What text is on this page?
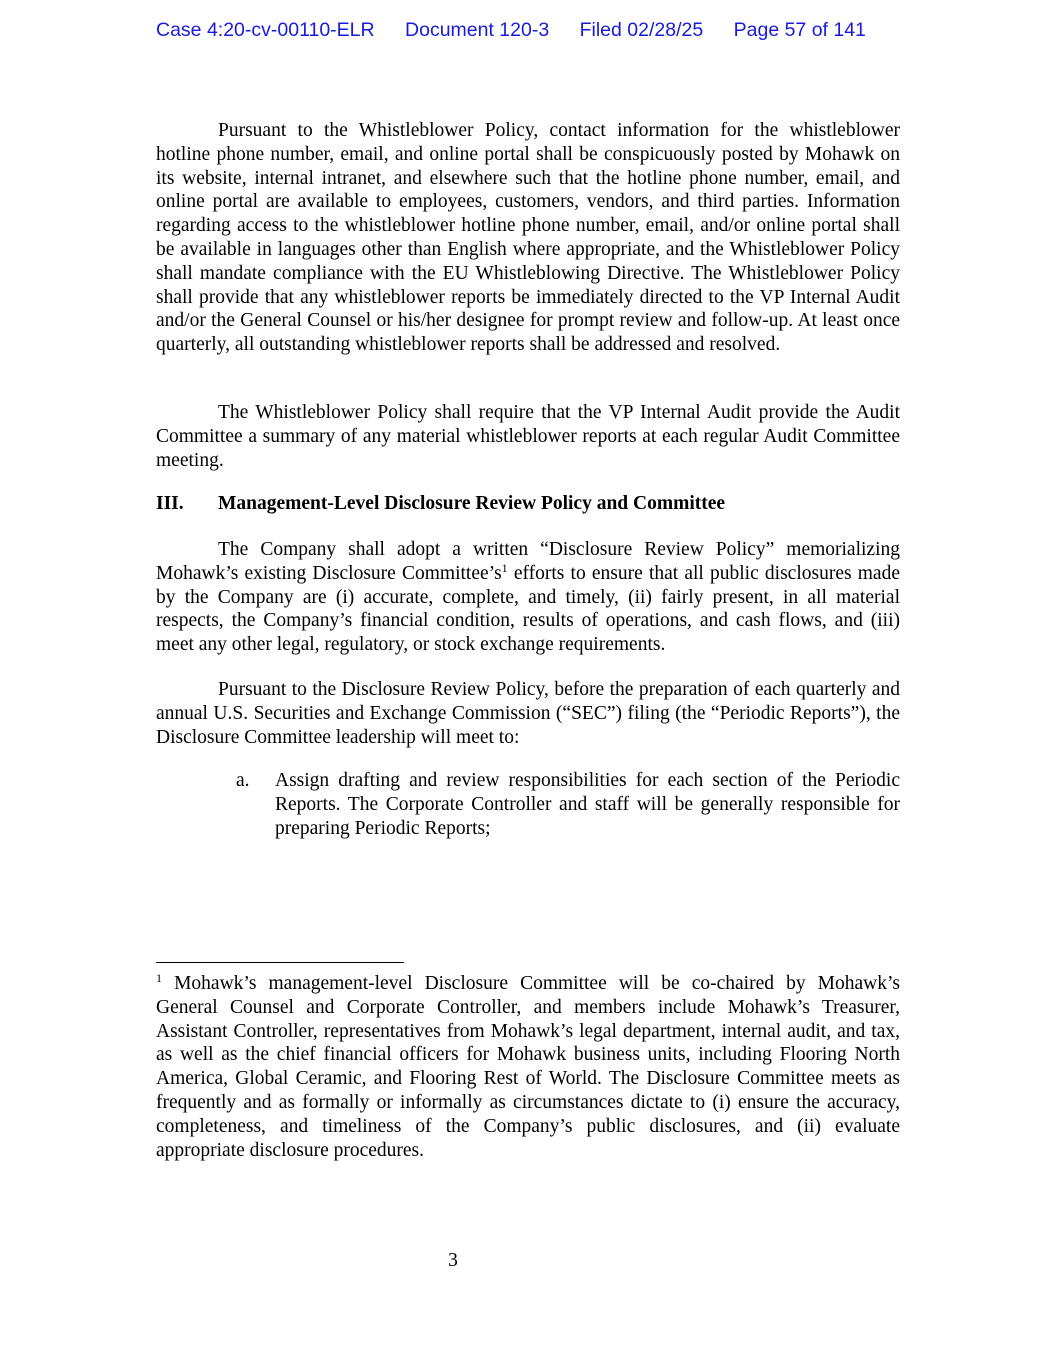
Case 4:20-cv-00110-ELR Document 120-3 Filed 02/28/25 Page 57 of 141

Pursuant to the Whistleblower Policy, contact information for the whistleblower hotline phone number, email, and online portal shall be conspicuously posted by Mohawk on its website, internal intranet, and elsewhere such that the hotline phone number, email, and online portal are available to employees, customers, vendors, and third parties. Information regarding access to the whistleblower hotline phone number, email, and/or online portal shall be available in languages other than English where appropriate, and the Whistleblower Policy shall mandate compliance with the EU Whistleblowing Directive. The Whistleblower Policy shall provide that any whistleblower reports be immediately directed to the VP Internal Audit and/or the General Counsel or his/her designee for prompt review and follow-up. At least once quarterly, all outstanding whistleblower reports shall be addressed and resolved.

The Whistleblower Policy shall require that the VP Internal Audit provide the Audit Committee a summary of any material whistleblower reports at each regular Audit Committee meeting.

III. Management-Level Disclosure Review Policy and Committee

The Company shall adopt a written “Disclosure Review Policy” memorializing Mohawk’s existing Disclosure $Committee’s^1$ efforts to ensure that all public disclosures made by the Company are (i) accurate, complete, and timely, (ii) fairly present, in all material respects, the Company’s financial condition, results of operations, and cash flows, and (iii) meet any other legal, regulatory, or stock exchange requirements.

Pursuant to the Disclosure Review Policy, before the preparation of each quarterly and annual U.S. Securities and Exchange Commission (“SEC”) filing (the “Periodic Reports”), the Disclosure Committee leadership will meet to:

a. Assign drafting and review responsibilities for each section of the Periodic Reports. The Corporate Controller and staff will be generally responsible for preparing Periodic Reports;

$^1$ Mohawk’s management-level Disclosure Committee will be co-chaired by Mohawk’s General Counsel and Corporate Controller, and members include Mohawk’s Treasurer, Assistant Controller, representatives from Mohawk’s legal department, internal audit, and tax, as well as the chief financial officers for Mohawk business units, including Flooring North America, Global Ceramic, and Flooring Rest of World. The Disclosure Committee meets as frequently and as formally or informally as circumstances dictate to (i) ensure the accuracy, completeness, and timeliness of the Company’s public disclosures, and (ii) evaluate appropriate disclosure procedures.

3
